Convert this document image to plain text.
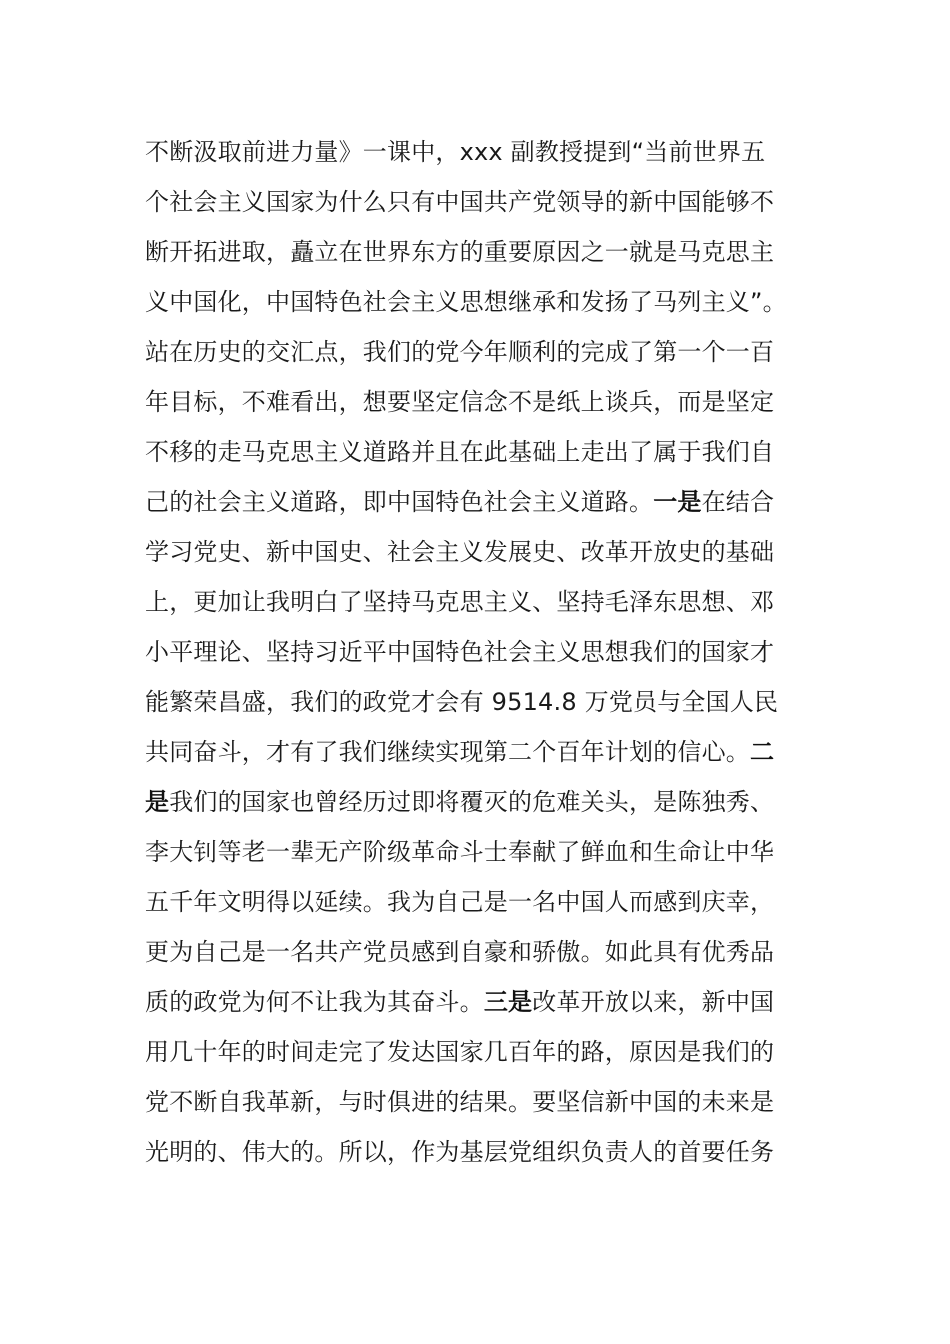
不断汲取前进力量》一课中，xxx 副教授提到“当前世界五
个社会主义国家为什么只有中国共产党领导的新中国能够不
断开拓进取，矗立在世界东方的重要原因之一就是马克思主
义中国化，中国特色社会主义思想继承和发扬了马列主义”。
站在历史的交汇点，我们的党今年顺利的完成了第一个一百
年目标，不难看出，想要坚定信念不是纸上谈兵，而是坚定
不移的走马克思主义道路并且在此基础上走出了属于我们自
己的社会主义道路，即中国特色社会主义道路。一是在结合
学习党史、新中国史、社会主义发展史、改革开放史的基础
上，更加让我明白了坚持马克思主义、坚持毛泽东思想、邓
小平理论、坚持习近平中国特色社会主义思想我们的国家才
能繁荣昌盛，我们的政党才会有 9514.8 万党员与全国人民
共同奋斗，才有了我们继续实现第二个百年计划的信心。二
是我们的国家也曾经历过即将覆灭的危难关头，是陈独秀、
李大钊等老一辈无产阶级革命斗士奉献了鲜血和生命让中华
五千年文明得以延续。我为自己是一名中国人而感到庆幸，
更为自己是一名共产党员感到自豪和骄傲。如此具有优秀品
质的政党为何不让我为其奋斗。三是改革开放以来，新中国
用几十年的时间走完了发达国家几百年的路，原因是我们的
党不断自我革新，与时俱进的结果。要坚信新中国的未来是
光明的、伟大的。所以，作为基层党组织负责人的首要任务
